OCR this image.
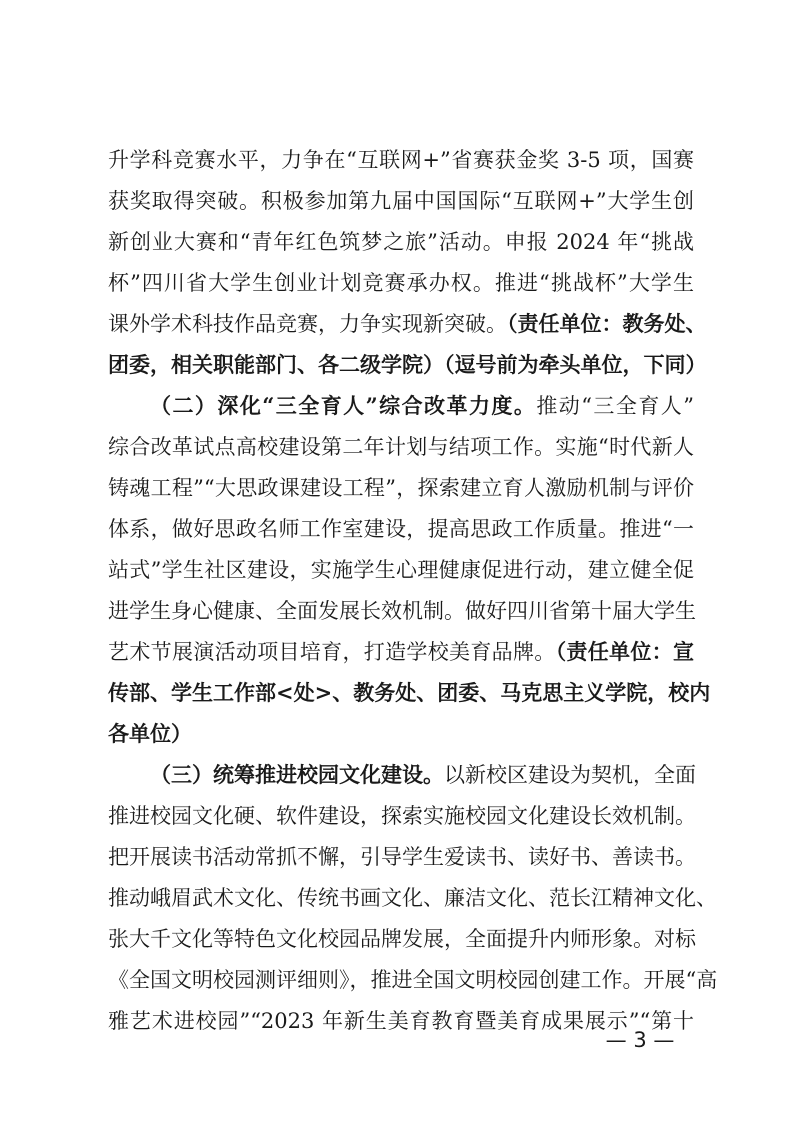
升学科竞赛水平，力争在“互联网+”省赛获金奖 3-5 项，国赛
获奖取得突破。积极参加第九届中国国际“互联网+”大学生创
新创业大赛和“青年红色筑梦之旅”活动。申报 2024 年“挑战
杯”四川省大学生创业计划竞赛承办权。推进“挑战杯”大学生
课外学术科技作品竞赛，力争实现新突破。（责任单位：教务处、
团委，相关职能部门、各二级学院）（逗号前为牵头单位，下同）
（二）深化“三全育人”综合改革力度。推动“三全育人”
综合改革试点高校建设第二年计划与结项工作。实施“时代新人
铸魂工程”“大思政课建设工程”，探索建立育人激励机制与评价
体系，做好思政名师工作室建设，提高思政工作质量。推进“一
站式”学生社区建设，实施学生心理健康促进行动，建立健全促
进学生身心健康、全面发展长效机制。做好四川省第十届大学生
艺术节展演活动项目培育，打造学校美育品牌。（责任单位：宣
传部、学生工作部<处>、教务处、团委、马克思主义学院，校内
各单位）
（三）统筹推进校园文化建设。以新校区建设为契机，全面
推进校园文化硬、软件建设，探索实施校园文化建设长效机制。
把开展读书活动常抓不懈，引导学生爱读书、读好书、善读书。
推动峨眉武术文化、传统书画文化、廉洁文化、范长江精神文化、
张大千文化等特色文化校园品牌发展，全面提升内师形象。对标
《全国文明校园测评细则》，推进全国文明校园创建工作。开展“高
雅艺术进校园”“2023 年新生美育教育暨美育成果展示”“第十
— 3 —
